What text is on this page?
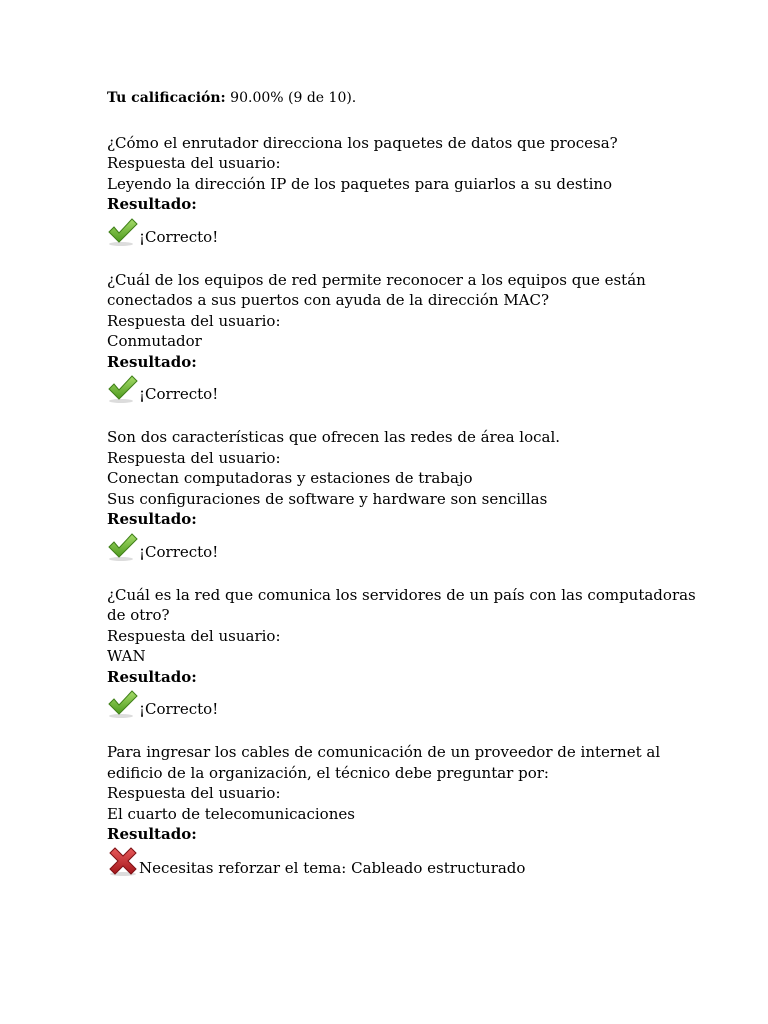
Tu calificación: 90.00% (9 de 10).
¿Cómo el enrutador direcciona los paquetes de datos que procesa?
Respuesta del usuario:
Leyendo la dirección IP de los paquetes para guiarlos a su destino
Resultado:
¡Correcto!
¿Cuál de los equipos de red permite reconocer a los equipos que están
conectados a sus puertos con ayuda de la dirección MAC?
Respuesta del usuario:
Conmutador
Resultado:
¡Correcto!
Son dos características que ofrecen las redes de área local.
Respuesta del usuario:
Conectan computadoras y estaciones de trabajo
Sus configuraciones de software y hardware son sencillas
Resultado:
¡Correcto!
¿Cuál es la red que comunica los servidores de un país con las computadoras
de otro?
Respuesta del usuario:
WAN
Resultado:
¡Correcto!
Para ingresar los cables de comunicación de un proveedor de internet al
edificio de la organización, el técnico debe preguntar por:
Respuesta del usuario:
El cuarto de telecomunicaciones
Resultado:
Necesitas reforzar el tema: Cableado estructurado
